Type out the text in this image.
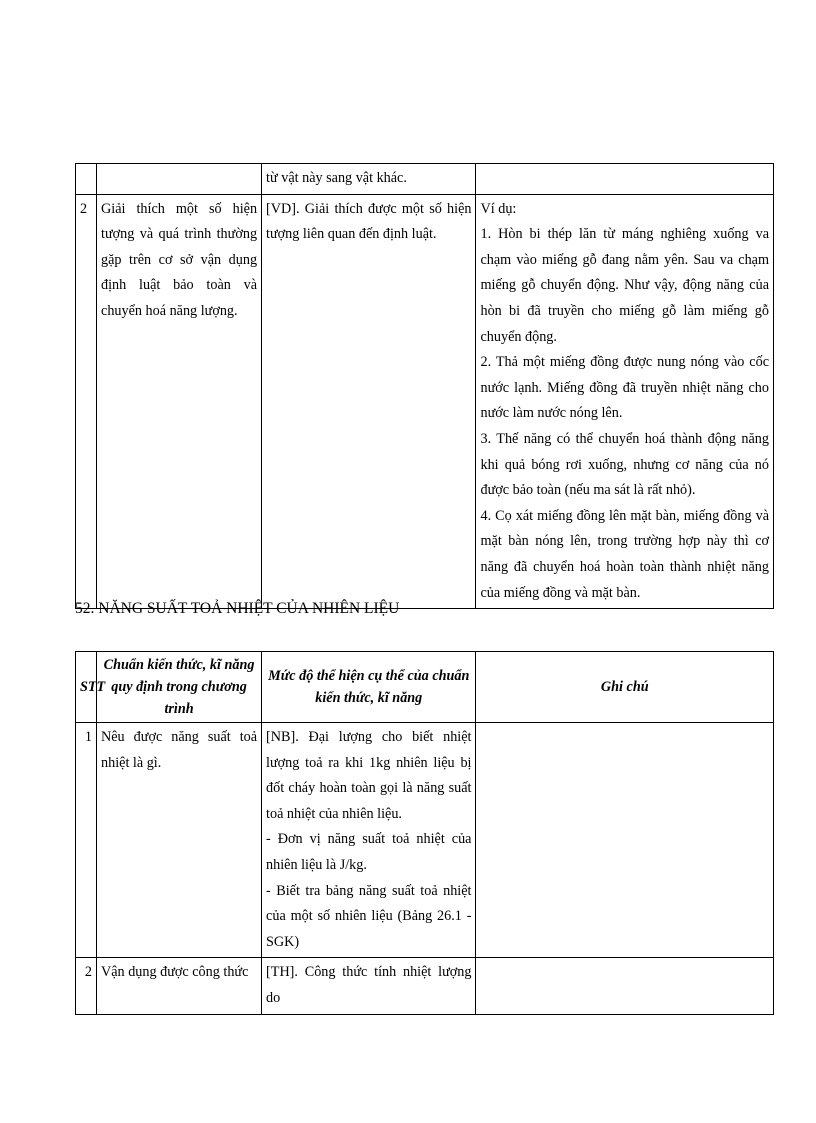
		từ vật này sang vật khác.	
2	Giải thích một số hiện tượng và quá trình thường gặp trên cơ sở vận dụng định luật bảo toàn và chuyển hoá năng lượng.	[VD]. Giải thích được một số hiện tượng liên quan đến định luật.	Ví dụ:
1. Hòn bi thép lăn từ máng nghiêng xuống va chạm vào miếng gỗ đang nằm yên. Sau va chạm miếng gỗ chuyển động. Như vậy, động năng của hòn bi đã truyền cho miếng gỗ làm miếng gỗ chuyển động.
2. Thả một miếng đồng được nung nóng vào cốc nước lạnh. Miếng đồng đã truyền nhiệt năng cho nước làm nước nóng lên.
3. Thế năng có thể chuyển hoá thành động năng khi quả bóng rơi xuống, nhưng cơ năng của nó được bảo toàn (nếu ma sát là rất nhỏ).
4. Cọ xát miếng đồng lên mặt bàn, miếng đồng và mặt bàn nóng lên, trong trường hợp này thì cơ năng đã chuyển hoá hoàn toàn thành nhiệt năng của miếng đồng và mặt bàn.
52. NĂNG SUẤT TOẢ NHIỆT CỦA NHIÊN LIỆU
STT	Chuẩn kiến thức, kĩ năng quy định trong chương trình	Mức độ thể hiện cụ thể của chuẩn kiến thức, kĩ năng	Ghi chú
1	Nêu được năng suất toả nhiệt là gì.	[NB]. Đại lượng cho biết nhiệt lượng toả ra khi 1kg nhiên liệu bị đốt cháy hoàn toàn gọi là năng suất toả nhiệt của nhiên liệu.
- Đơn vị năng suất toả nhiệt của nhiên liệu là J/kg.
- Biết tra bảng năng suất toả nhiệt của một số nhiên liệu (Bảng 26.1 - SGK)	

2	Vận dụng được công thức	[TH]. Công thức tính nhiệt lượng do	
